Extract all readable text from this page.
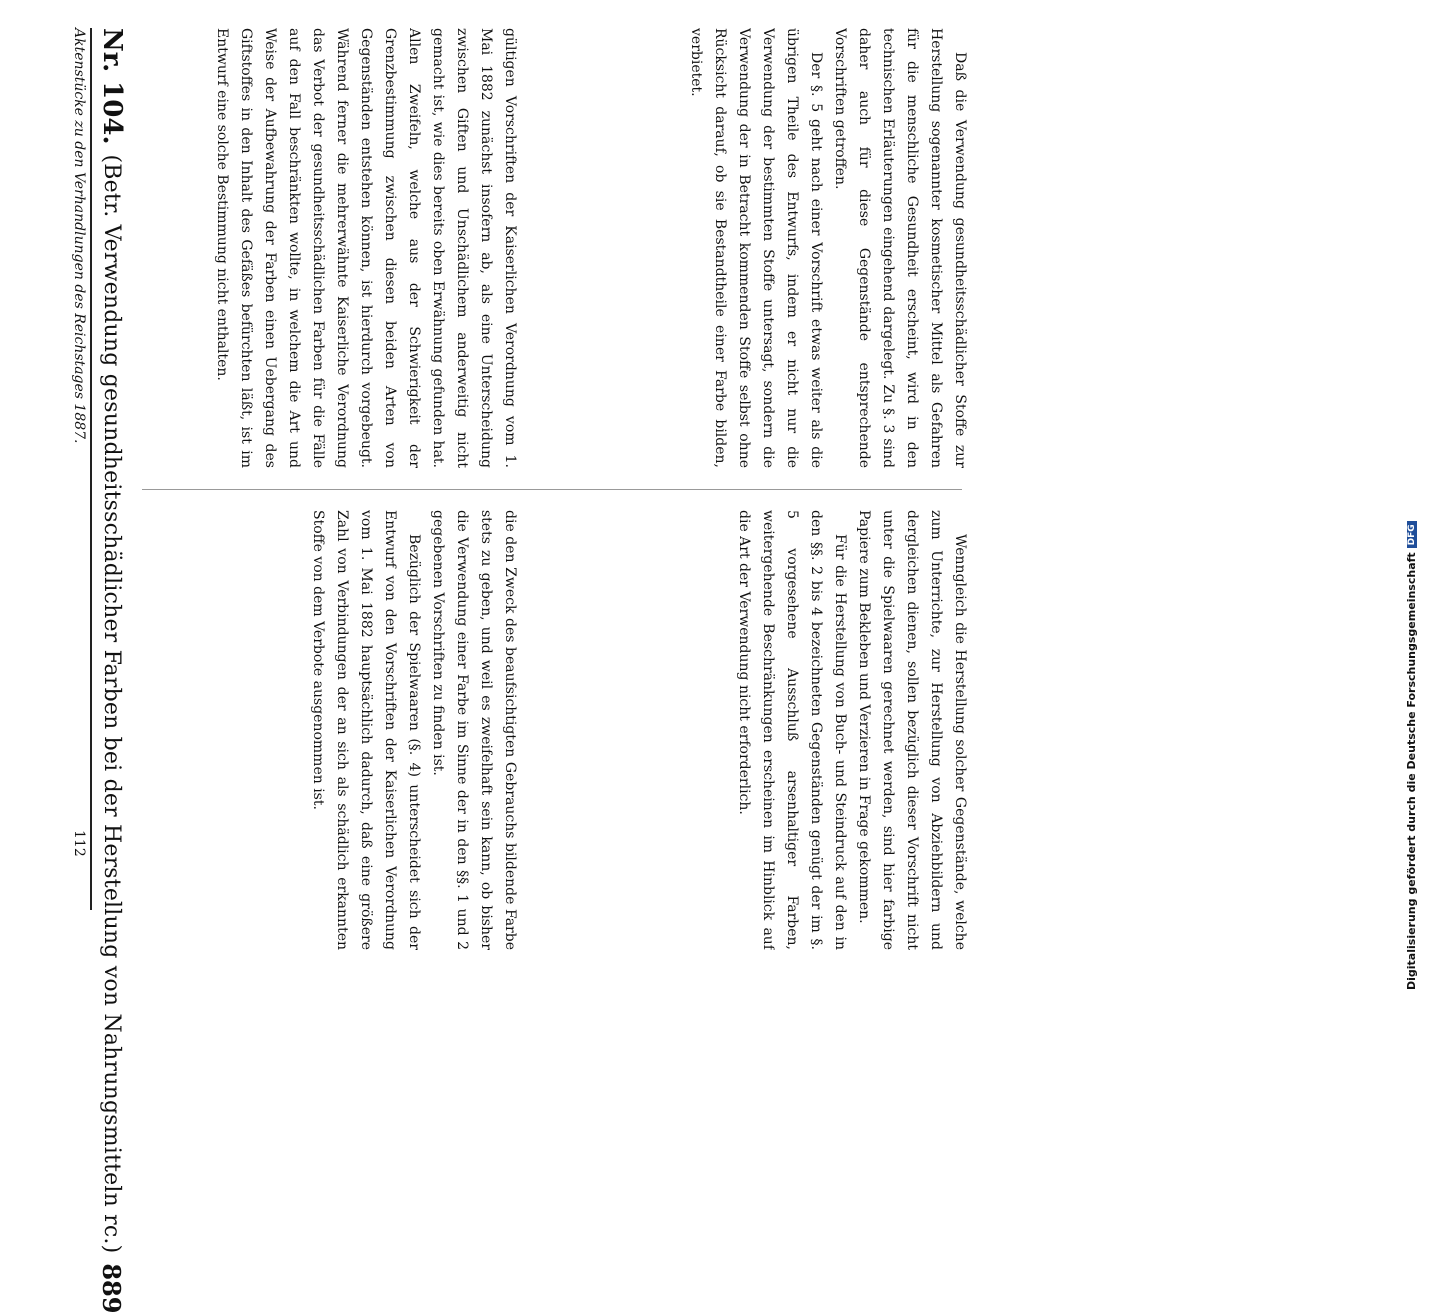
Nr. 104.
(Betr. Verwendung gesundheitsschädlicher Farben bei der Herstellung von Nahrungsmitteln rc.)
889

gültigen Vorschriften der Kaiserlichen Verordnung vom 1. Mai 1882 zunächst insofern ab, als eine Unterscheidung zwischen Giften und Unschädlichem anderweitig nicht gemacht ist, wie dies bereits oben Erwähnung gefunden hat. Allen Zweifeln, welche aus der Schwierigkeit der Grenzbestimmung zwischen diesen beiden Arten von Gegenständen entstehen können, ist hierdurch vorgebeugt. Während ferner die mehrerwähnte Kaiserliche Verordnung das Verbot der gesundheitsschädlichen Farben für die Fälle auf den Fall beschränkten wollte, in welchem die Art und Weise der Aufbewahrung der Farben einen Uebergang des Giftstoffes in den Inhalt des Gefäßes befürchten läßt, ist im Entwurf eine solche Bestimmung nicht enthalten.	Daß die Verwendung gesundheitsschädlicher Stoffe zur Herstellung sogenannter kosmetischer Mittel als Gefahren für die menschliche Gesundheit erscheint, wird in den technischen Erläuterungen eingehend dargelegt. Zu §. 3 sind daher auch für diese Gegenstände entsprechende Vorschriften getroffen.

Der §. 5 geht nach einer Vorschrift etwas weiter als die übrigen Theile des Entwurfs, indem er nicht nur die Verwendung der bestimmten Stoffe untersagt, sondern die Verwendung der in Betracht kommenden Stoffe selbst ohne Rücksicht darauf, ob sie Bestandtheile einer Farbe bilden, verbietet.

die den Zweck des beaufsichtigten Gebrauchs bildende Farbe stets zu geben, und weil es zweifelhaft sein kann, ob bisher die Verwendung einer Farbe im Sinne der in den §§. 1 und 2 gegebenen Vorschriften zu finden ist.

Bezüglich der Spielwaaren (§. 4) unterscheidet sich der Entwurf von den Vorschriften der Kaiserlichen Verordnung vom 1. Mai 1882 hauptsächlich dadurch, daß eine größere Zahl von Verbindungen der an sich als schädlich erkannten Stoffe von dem Verbote ausgenommen ist.	Wenngleich die Herstellung solcher Gegenstände, welche zum Unterrichte, zur Herstellung von Abziehbildern und dergleichen dienen, sollen bezüglich dieser Vorschrift nicht unter die Spielwaaren gerechnet werden, sind hier farbige Papiere zum Bekleben und Verzieren in Frage gekommen.

Für die Herstellung von Buch- und Steindruck auf den in den §§. 2 bis 4 bezeichneten Gegenständen genügt der im §. 5 vorgesehene Ausschluß arsenhaltiger Farben, weitergehende Beschränkungen erscheinen im Hinblick auf die Art der Verwendung nicht erforderlich.

Aktenstücke zu den Verhandlungen des Reichstages 1887.
112	Digitalisierung gefördert durch die Deutsche Forschungsgemeinschaft
DFG
